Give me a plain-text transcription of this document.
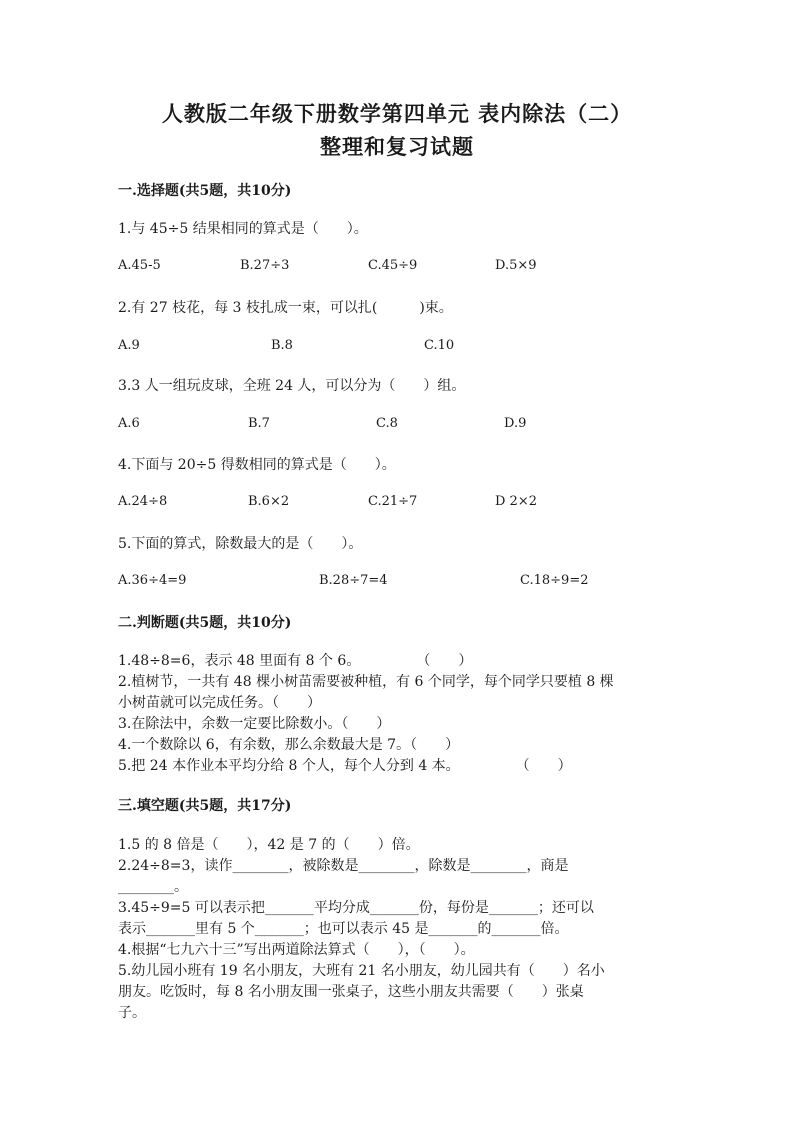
人教版二年级下册数学第四单元 表内除法（二）
整理和复习试题
一.选择题(共5题，共10分)
1.与 45÷5 结果相同的算式是（　　）。
A.45-5	B.27÷3	C.45÷9	D.5×9
2.有 27 枝花，每 3 枝扎成一束，可以扎(　　　)束。
A.9	B.8	C.10
3.3 人一组玩皮球，全班 24 人，可以分为（　　）组。
A.6	B.7	C.8	D.9
4.下面与 20÷5 得数相同的算式是（　　）。
A.24÷8	B.6×2	C.21÷7	D 2×2
5.下面的算式，除数最大的是（　　）。
A.36÷4=9	B.28÷7=4	C.18÷9=2
二.判断题(共5题，共10分)
1.48÷8=6，表示 48 里面有 8 个 6。　　　　　（　　）
2.植树节，一共有 48 棵小树苗需要被种植，有 6 个同学，每个同学只要植 8 棵
小树苗就可以完成任务。（　　）
3.在除法中，余数一定要比除数小。（　　）
4.一个数除以 6，有余数，那么余数最大是 7。（　　）
5.把 24 本作业本平均分给 8 个人，每个人分到 4 本。　　　　　（　　）
三.填空题(共5题，共17分)
1.5 的 8 倍是（　　），42 是 7 的（　　）倍。
2.24÷8=3，读作________，被除数是________，除数是________，商是
________。
3.45÷9=5 可以表示把_______平均分成_______份，每份是_______；还可以
表示_______里有 5 个_______；也可以表示 45 是_______的_______倍。
4.根据“七九六十三”写出两道除法算式（　　），（　　）。
5.幼儿园小班有 19 名小朋友，大班有 21 名小朋友，幼儿园共有（　　）名小
朋友。吃饭时，每 8 名小朋友围一张桌子，这些小朋友共需要（　　）张桌
子。
